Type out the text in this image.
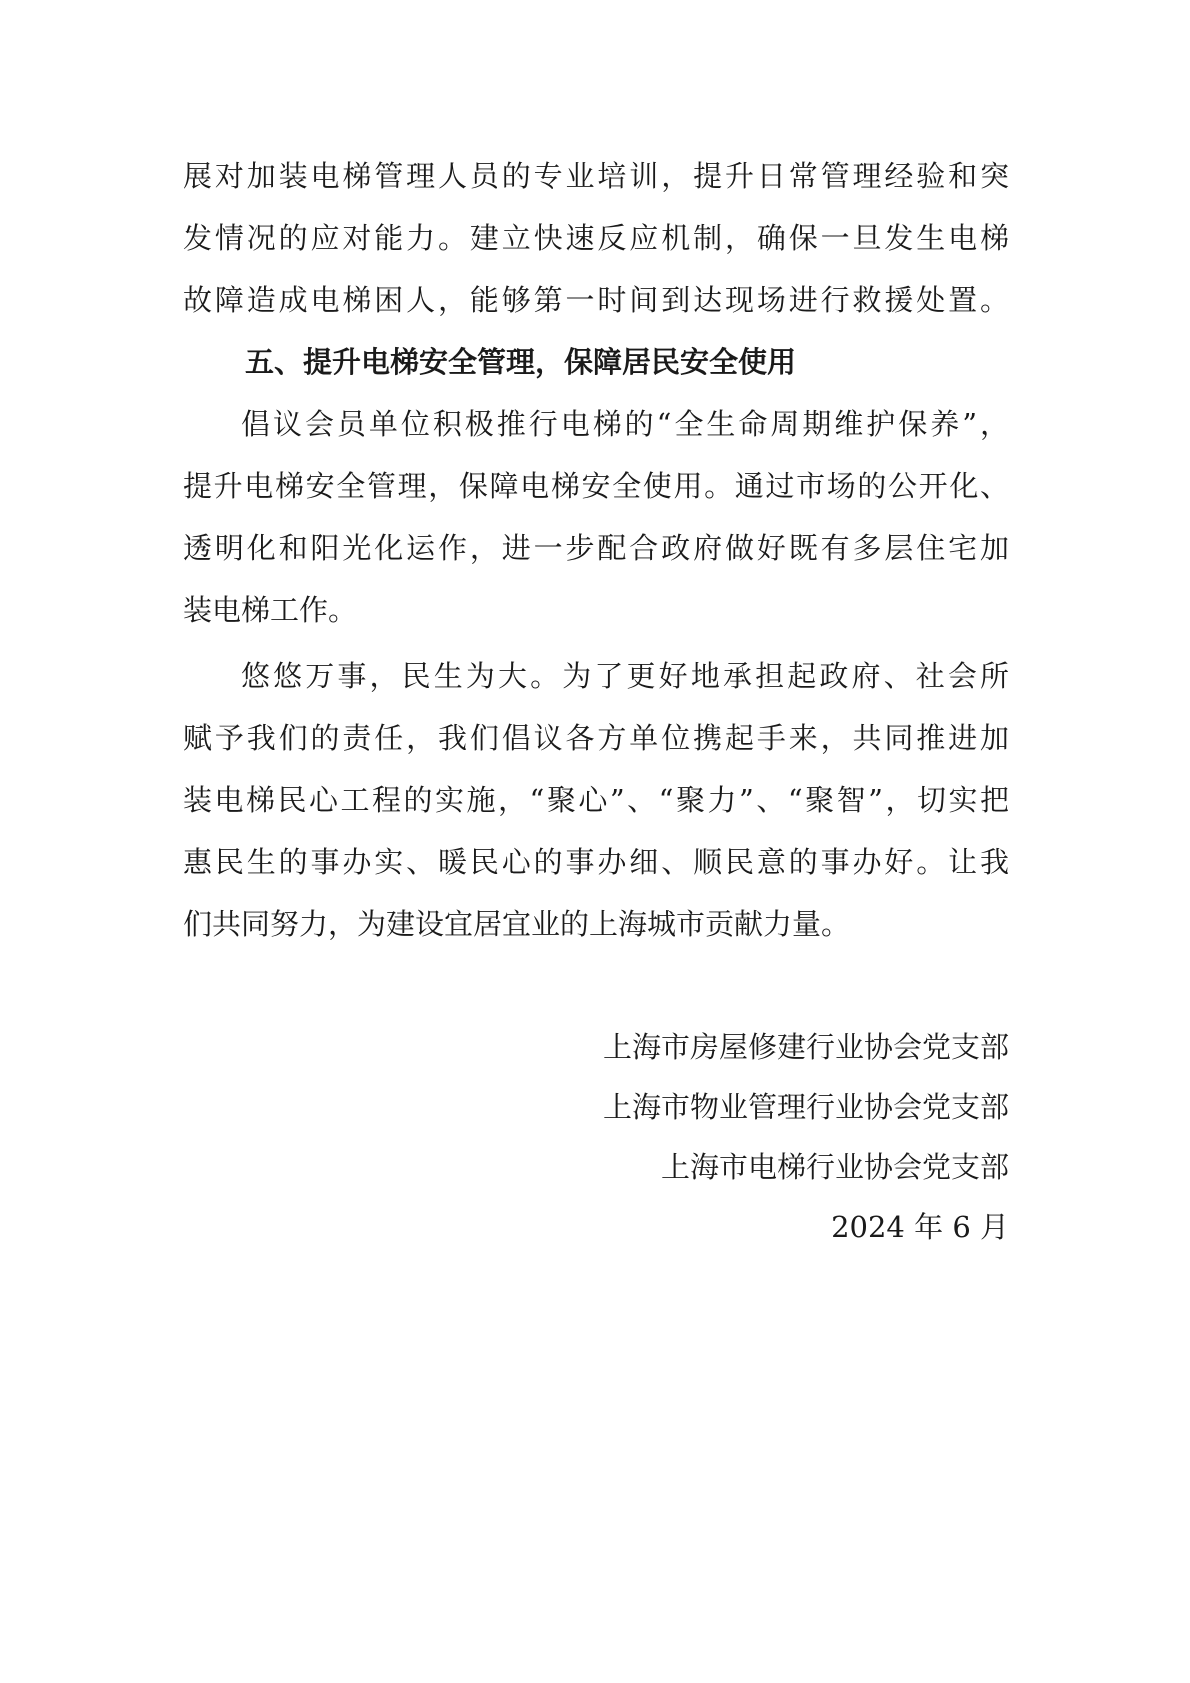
展对加装电梯管理人员的专业培训，提升日常管理经验和突
发情况的应对能力。建立快速反应机制，确保一旦发生电梯
故障造成电梯困人，能够第一时间到达现场进行救援处置。
五、提升电梯安全管理，保障居民安全使用
倡议会员单位积极推行电梯的“全生命周期维护保养”，
提升电梯安全管理，保障电梯安全使用。通过市场的公开化、
透明化和阳光化运作，进一步配合政府做好既有多层住宅加
装电梯工作。
悠悠万事，民生为大。为了更好地承担起政府、社会所
赋予我们的责任，我们倡议各方单位携起手来，共同推进加
装电梯民心工程的实施，“聚心”、“聚力”、“聚智”，切实把
惠民生的事办实、暖民心的事办细、顺民意的事办好。让我
们共同努力，为建设宜居宜业的上海城市贡献力量。
上海市房屋修建行业协会党支部
上海市物业管理行业协会党支部
上海市电梯行业协会党支部
2024 年 6 月
